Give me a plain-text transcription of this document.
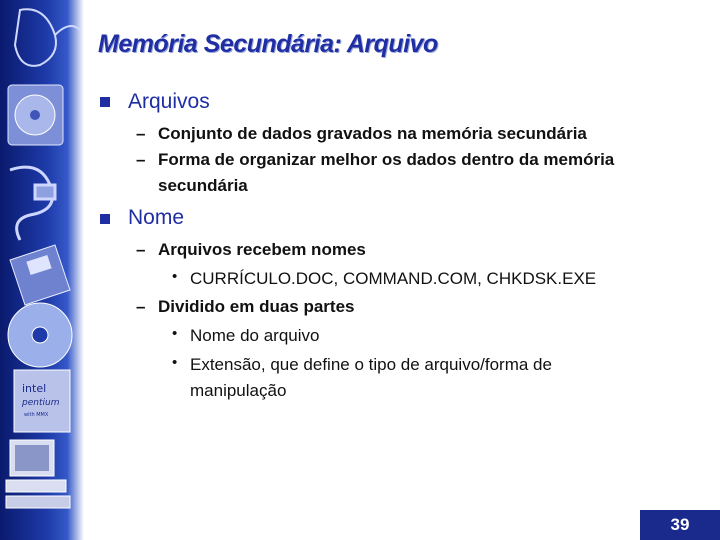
intel
pentium
with MMX
Memória Secundária: Arquivo
Arquivos
– Conjunto de dados gravados na memória secundária
– Forma de organizar melhor os dados dentro da memória
secundária
Nome
– Arquivos recebem nomes
• CURRÍCULO.DOC, COMMAND.COM, CHKDSK.EXE
– Dividido em duas partes
• Nome do arquivo
• Extensão, que define o tipo de arquivo/forma de
manipulação
39
